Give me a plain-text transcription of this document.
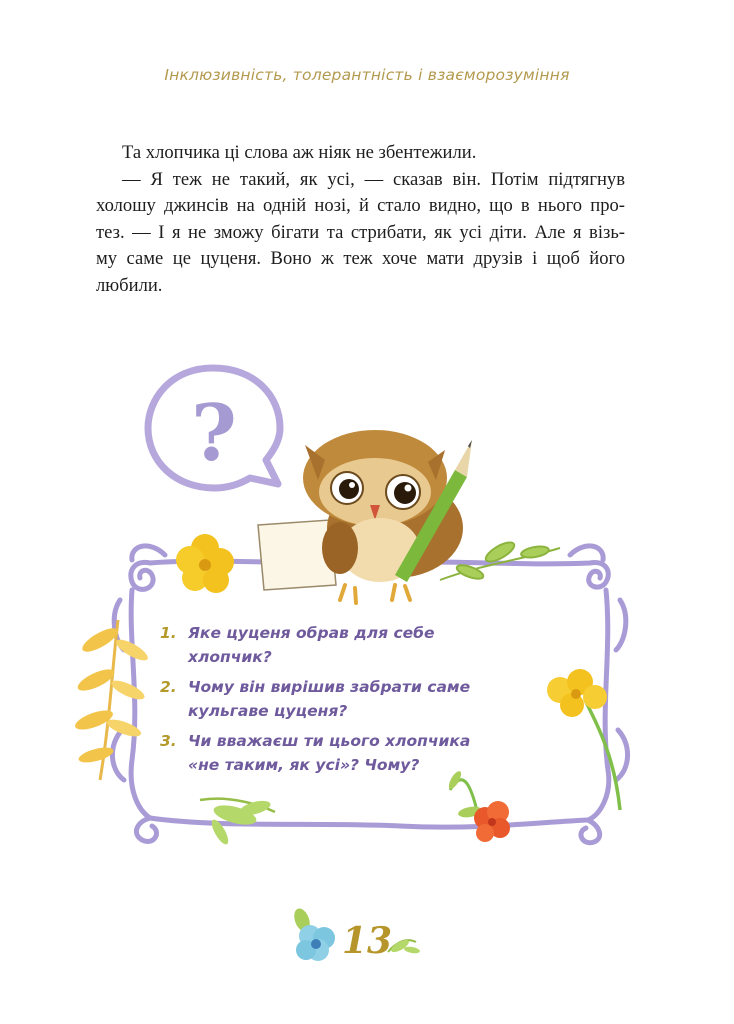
Інклюзивність, толерантність і взаєморозуміння
Та хлопчика ці слова аж ніяк не збентежили.
— Я теж не такий, як усі, — сказав він. Потім підтягнув
холошу джинсів на одній нозі, й стало видно, що в нього про-
тез. — І я не зможу бігати та стрибати, як усі діти. Але я візь-
му саме це цуценя. Воно ж теж хоче мати друзів і щоб його
любили.
?
1. Яке цуценя обрав для себе хлопчик?
2. Чому він вирішив забрати саме
кульгаве цуценя?
3. Чи вважаєш ти цього хлопчика
«не таким, як усі»? Чому?
13
